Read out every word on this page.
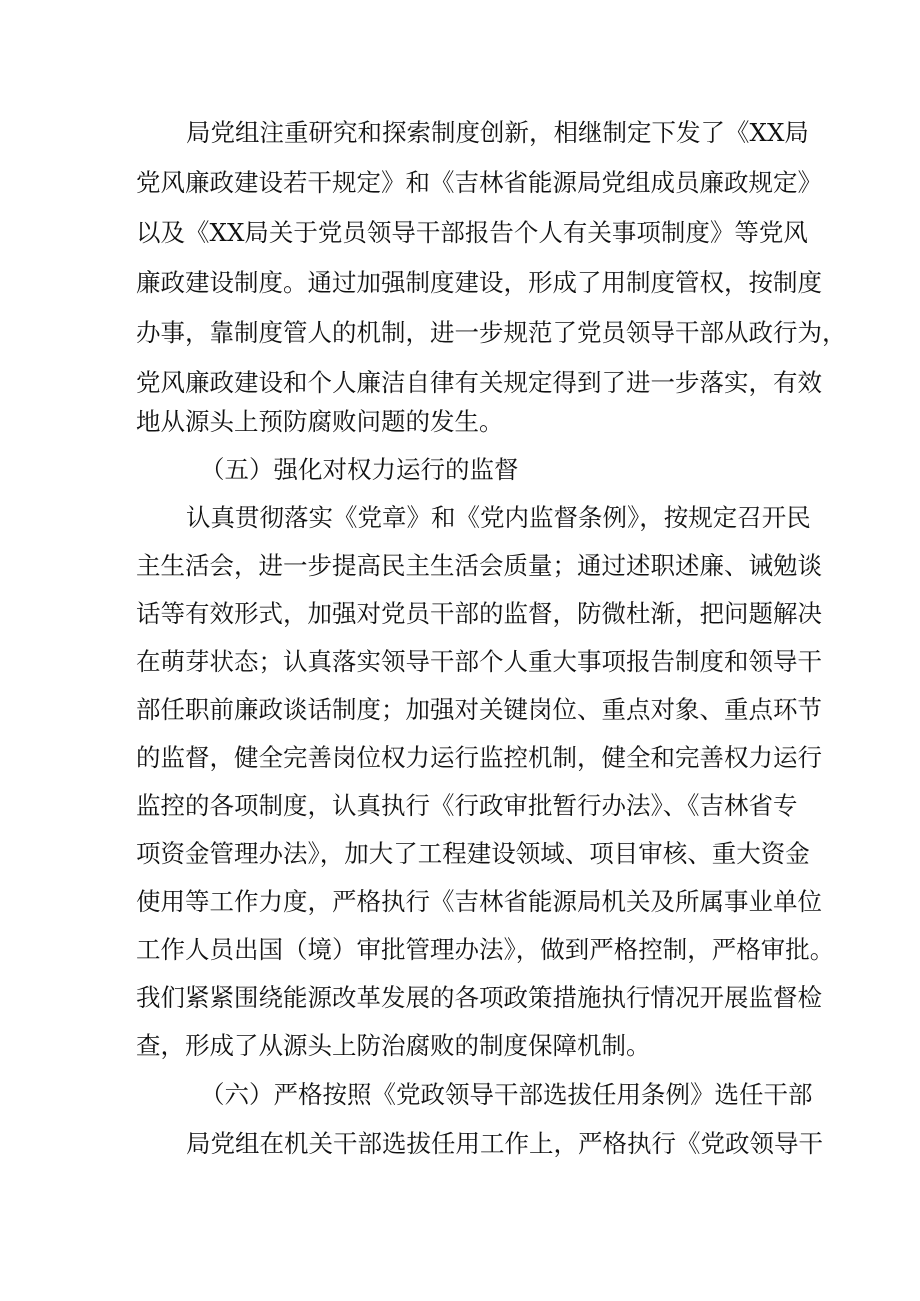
局党组注重研究和探索制度创新，相继制定下发了《XX局
党风廉政建设若干规定》和《吉林省能源局党组成员廉政规定》
以及《XX局关于党员领导干部报告个人有关事项制度》等党风
廉政建设制度。通过加强制度建设，形成了用制度管权，按制度
办事，靠制度管人的机制，进一步规范了党员领导干部从政行为，
党风廉政建设和个人廉洁自律有关规定得到了进一步落实，有效
地从源头上预防腐败问题的发生。
（五）强化对权力运行的监督
认真贯彻落实《党章》和《党内监督条例》，按规定召开民
主生活会，进一步提高民主生活会质量；通过述职述廉、诫勉谈
话等有效形式，加强对党员干部的监督，防微杜渐，把问题解决
在萌芽状态；认真落实领导干部个人重大事项报告制度和领导干
部任职前廉政谈话制度；加强对关键岗位、重点对象、重点环节
的监督，健全完善岗位权力运行监控机制，健全和完善权力运行
监控的各项制度，认真执行《行政审批暂行办法》、《吉林省专
项资金管理办法》，加大了工程建设领域、项目审核、重大资金
使用等工作力度，严格执行《吉林省能源局机关及所属事业单位
工作人员出国（境）审批管理办法》，做到严格控制，严格审批。
我们紧紧围绕能源改革发展的各项政策措施执行情况开展监督检
查，形成了从源头上防治腐败的制度保障机制。
（六）严格按照《党政领导干部选拔任用条例》选任干部
局党组在机关干部选拔任用工作上，严格执行《党政领导干
